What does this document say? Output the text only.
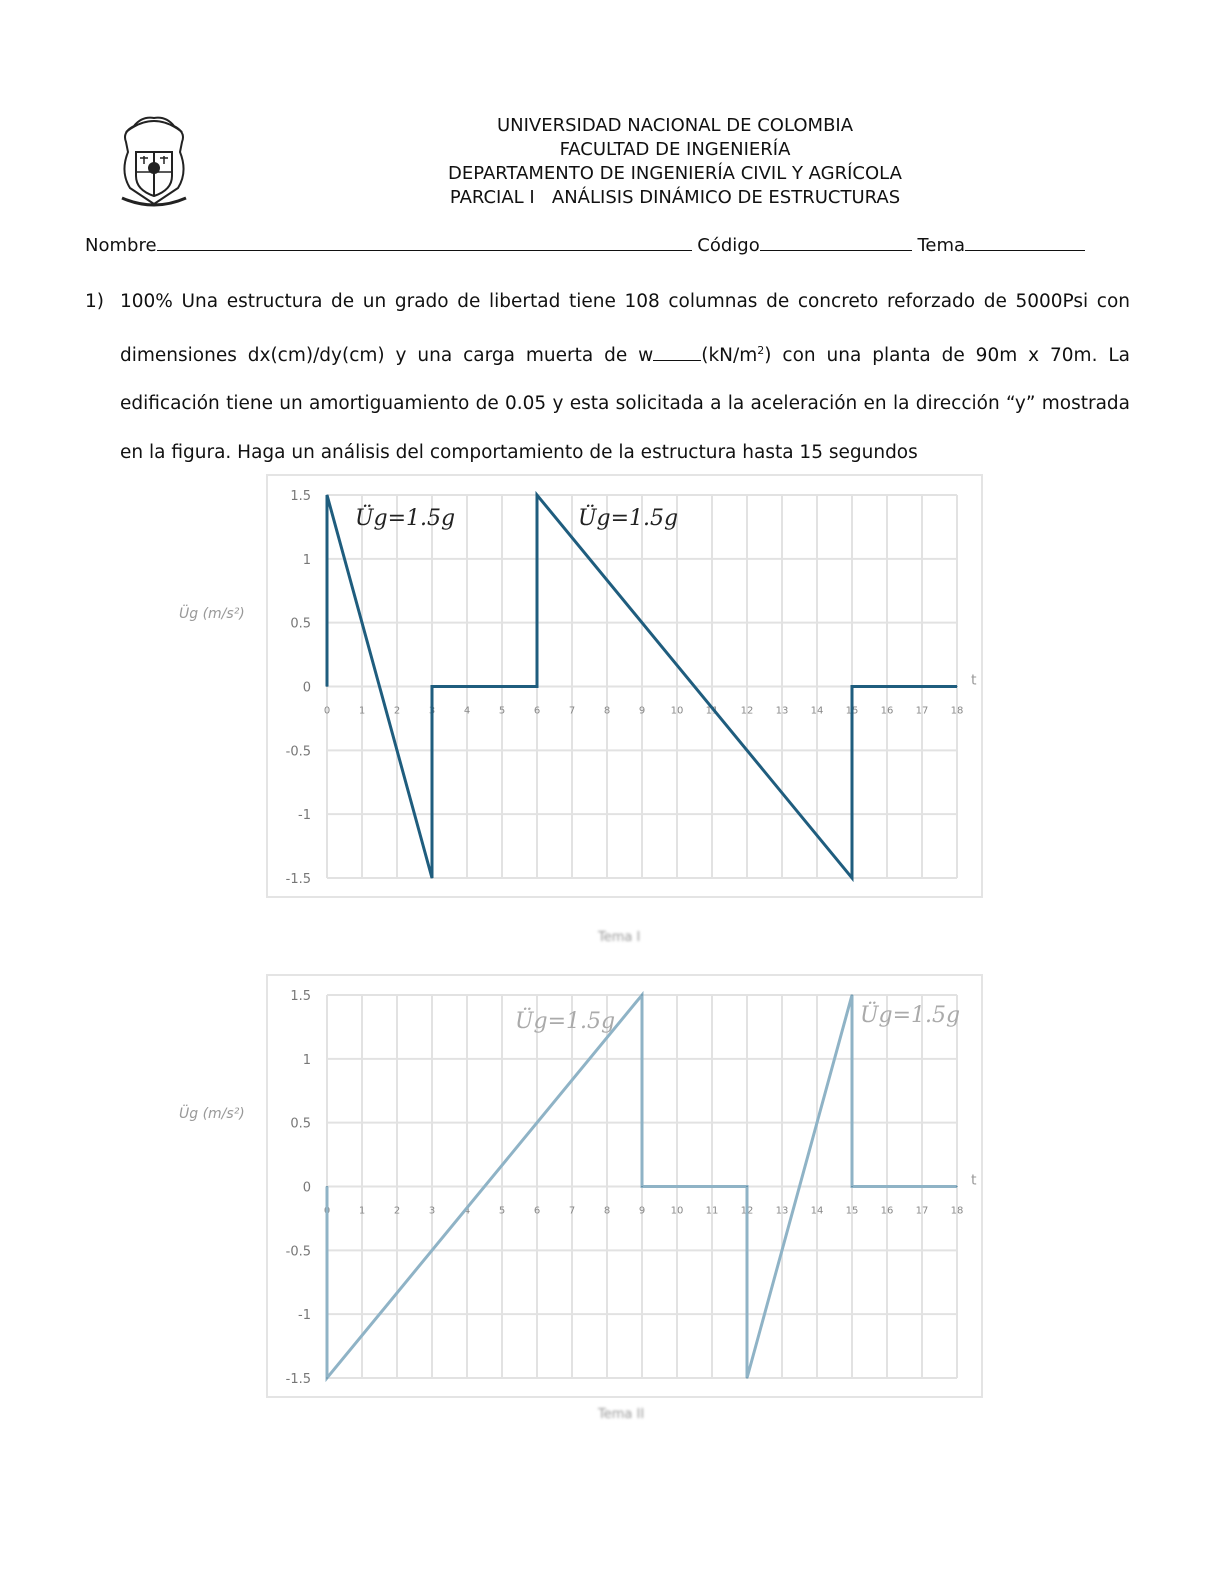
UNIVERSIDAD NACIONAL DE COLOMBIA
FACULTAD DE INGENIERÍA
DEPARTAMENTO DE INGENIERÍA CIVIL Y AGRÍCOLA
PARCIAL I   ANÁLISIS DINÁMICO DE ESTRUCTURAS
Nombre	Código	Tema
1) 100% Una estructura de un grado de libertad tiene 108 columnas de concreto reforzado de 5000Psi con dimensiones dx(cm)/dy(cm) y una carga muerta de w	$(kN/m^2)$ con una planta de 90m x 70m. La edificación tiene un amortiguamiento de 0.05 y esta solicitada a la aceleración en la dirección “y” mostrada en la figura. Haga un análisis del comportamiento de la estructura hasta 15 segundos
0	1	2	3	4	5	6	7	8	9	10 11 12 13 14 15 16 17 18
1.5
1
0.5
0
-0.5
-1
-1.5
Üg (m/s²)
t
Üg=1.5g	Üg=1.5g
Tema I
0	1	2	3	4	5	6	7	8	9	10 11 12 13 14 15 16 17 18
1.5
1
0.5
0
-0.5
-1
-1.5
Üg (m/s²)
t
Üg=1.5g	Üg=1.5g
Tema II
